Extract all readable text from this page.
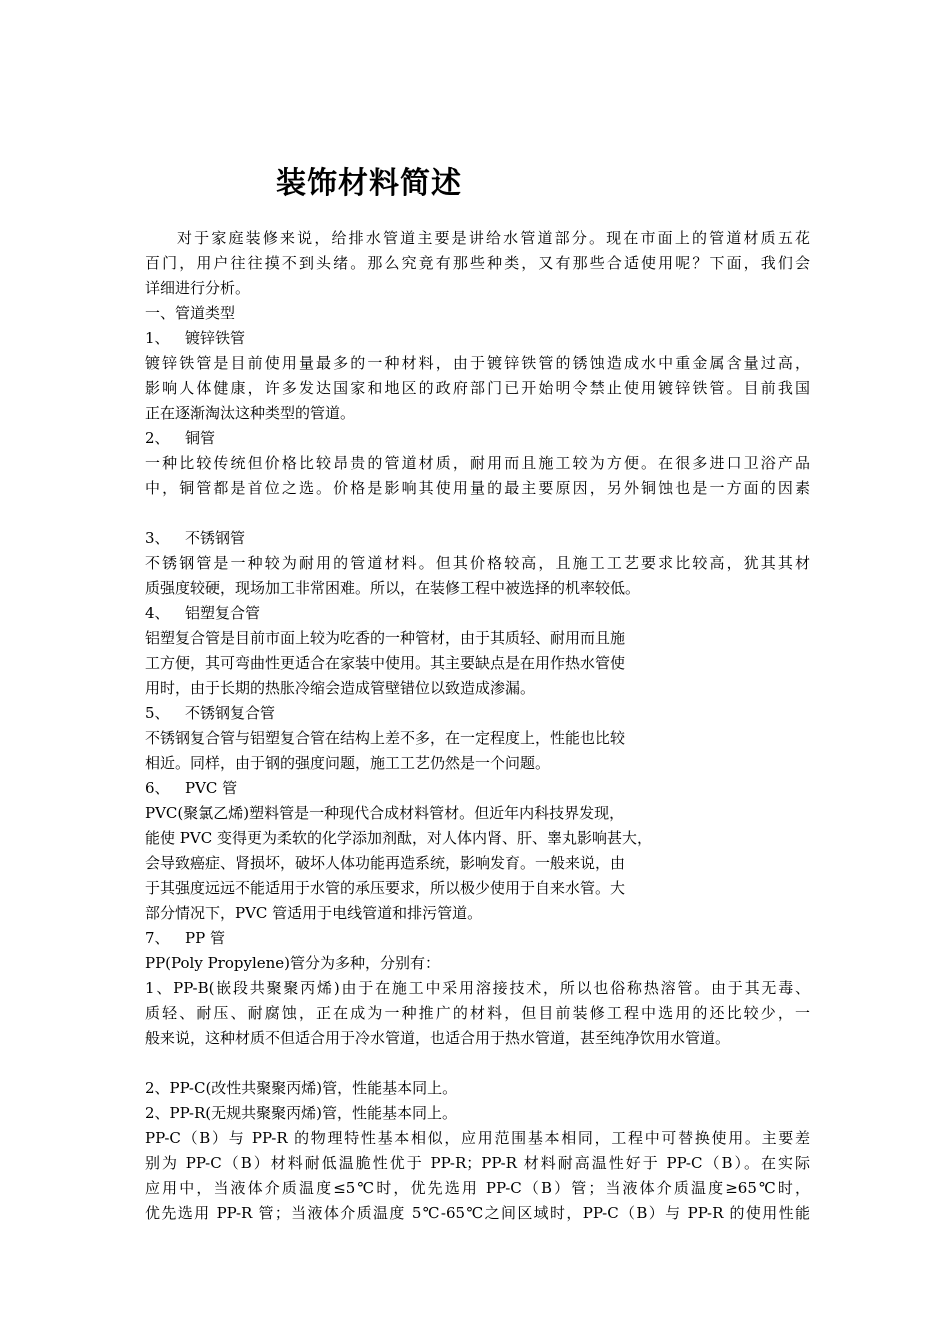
装饰材料简述
对于家庭装修来说，给排水管道主要是讲给水管道部分。现在市面上的管道材质五花
百门，用户往往摸不到头绪。那么究竟有那些种类，又有那些合适使用呢？下面，我们会
详细进行分析。
一、管道类型
1、 镀锌铁管
镀锌铁管是目前使用量最多的一种材料，由于镀锌铁管的锈蚀造成水中重金属含量过高，
影响人体健康，许多发达国家和地区的政府部门已开始明令禁止使用镀锌铁管。目前我国
正在逐渐淘汰这种类型的管道。
2、 铜管
一种比较传统但价格比较昂贵的管道材质，耐用而且施工较为方便。在很多进口卫浴产品
中，铜管都是首位之选。价格是影响其使用量的最主要原因，另外铜蚀也是一方面的因素
3、 不锈钢管
不锈钢管是一种较为耐用的管道材料。但其价格较高，且施工工艺要求比较高，犹其其材
质强度较硬，现场加工非常困难。所以，在装修工程中被选择的机率较低。
4、 铝塑复合管
铝塑复合管是目前市面上较为吃香的一种管材，由于其质轻、耐用而且施
工方便，其可弯曲性更适合在家装中使用。其主要缺点是在用作热水管使
用时，由于长期的热胀冷缩会造成管壁错位以致造成渗漏。
5、 不锈钢复合管
不锈钢复合管与铝塑复合管在结构上差不多，在一定程度上，性能也比较
相近。同样，由于钢的强度问题，施工工艺仍然是一个问题。
6、 PVC 管
PVC(聚氯乙烯)塑料管是一种现代合成材料管材。但近年内科技界发现，
能使 PVC 变得更为柔软的化学添加剂酞，对人体内肾、肝、睾丸影响甚大，
会导致癌症、肾损坏，破坏人体功能再造系统，影响发育。一般来说，由
于其强度远远不能适用于水管的承压要求，所以极少使用于自来水管。大
部分情况下，PVC 管适用于电线管道和排污管道。
7、 PP 管
PP(Poly Propylene)管分为多种，分别有：
1、PP-B(嵌段共聚聚丙烯)由于在施工中采用溶接技术，所以也俗称热溶管。由于其无毒、
质轻、耐压、耐腐蚀，正在成为一种推广的材料，但目前装修工程中选用的还比较少，一
般来说，这种材质不但适合用于冷水管道，也适合用于热水管道，甚至纯净饮用水管道。
2、PP-C(改性共聚聚丙烯)管，性能基本同上。
2、PP-R(无规共聚聚丙烯)管，性能基本同上。
PP-C（B）与 PP-R 的物理特性基本相似，应用范围基本相同，工程中可替换使用。主要差
别为 PP-C（B）材料耐低温脆性优于 PP-R；PP-R 材料耐高温性好于 PP-C（B）。在实际
应用中，当液体介质温度≤5℃时，优先选用 PP-C（B）管；当液体介质温度≥65℃时，
优先选用 PP-R 管；当液体介质温度 5℃-65℃之间区域时，PP-C（B）与 PP-R 的使用性能
